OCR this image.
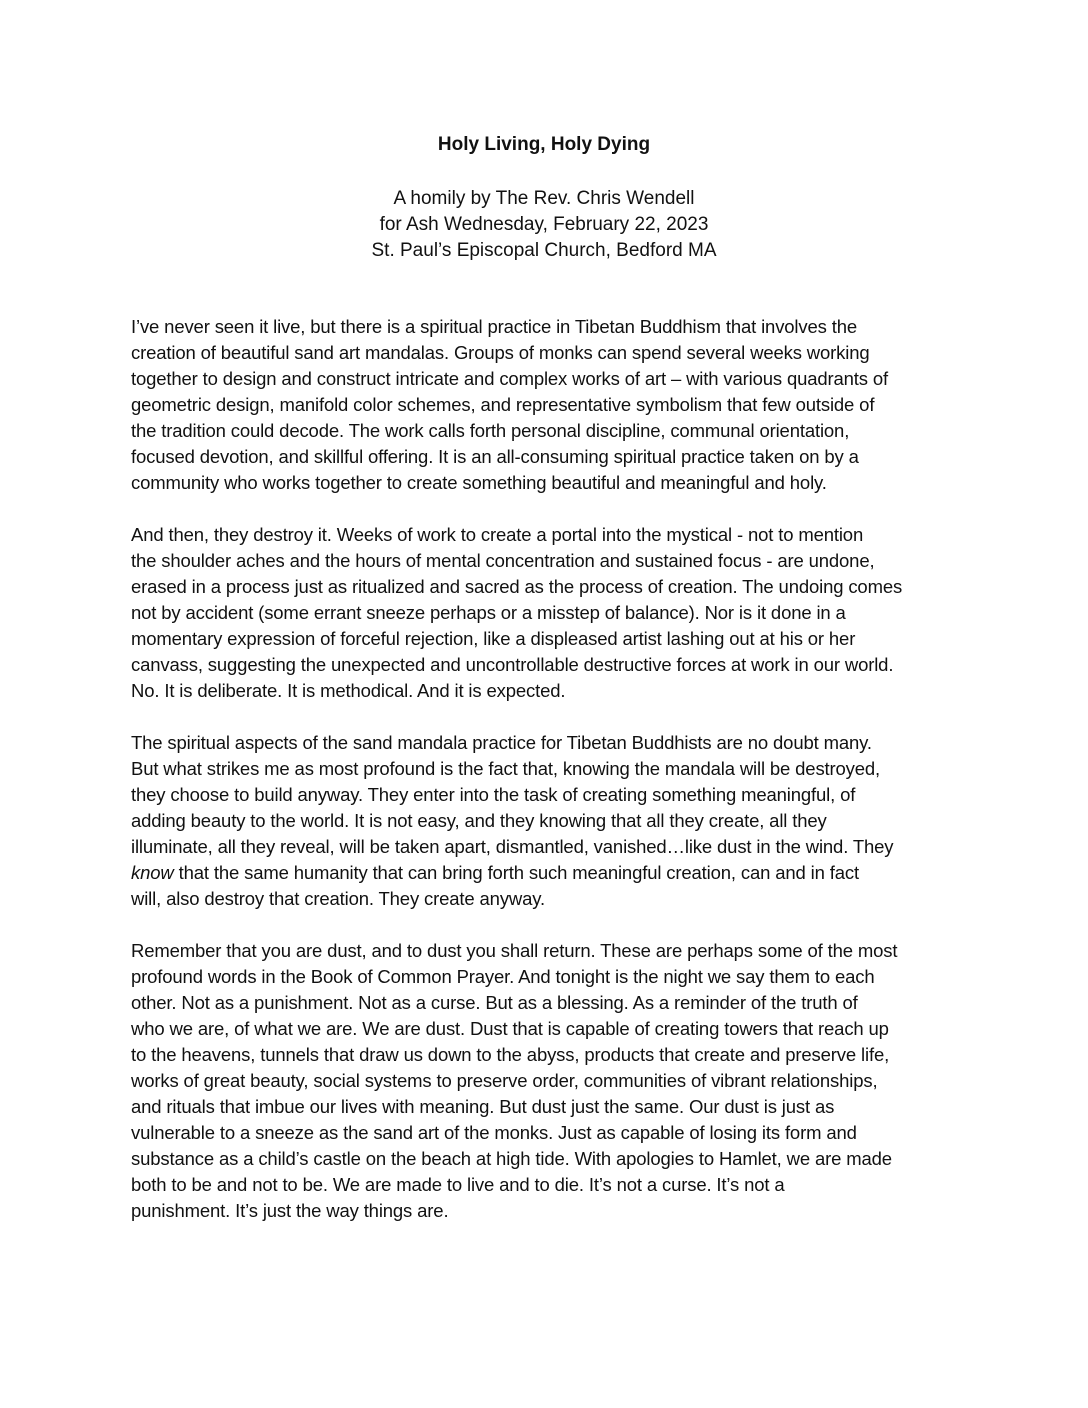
Holy Living, Holy Dying
A homily by The Rev. Chris Wendell
for Ash Wednesday, February 22, 2023
St. Paul’s Episcopal Church, Bedford MA
I’ve never seen it live, but there is a spiritual practice in Tibetan Buddhism that involves the
creation of beautiful sand art mandalas. Groups of monks can spend several weeks working
together to design and construct intricate and complex works of art – with various quadrants of
geometric design, manifold color schemes, and representative symbolism that few outside of
the tradition could decode. The work calls forth personal discipline, communal orientation,
focused devotion, and skillful offering. It is an all-consuming spiritual practice taken on by a
community who works together to create something beautiful and meaningful and holy.
And then, they destroy it. Weeks of work to create a portal into the mystical - not to mention
the shoulder aches and the hours of mental concentration and sustained focus - are undone,
erased in a process just as ritualized and sacred as the process of creation. The undoing comes
not by accident (some errant sneeze perhaps or a misstep of balance). Nor is it done in a
momentary expression of forceful rejection, like a displeased artist lashing out at his or her
canvass, suggesting the unexpected and uncontrollable destructive forces at work in our world.
No. It is deliberate. It is methodical. And it is expected.
The spiritual aspects of the sand mandala practice for Tibetan Buddhists are no doubt many.
But what strikes me as most profound is the fact that, knowing the mandala will be destroyed,
they choose to build anyway. They enter into the task of creating something meaningful, of
adding beauty to the world. It is not easy, and they knowing that all they create, all they
illuminate, all they reveal, will be taken apart, dismantled, vanished…like dust in the wind. They
know that the same humanity that can bring forth such meaningful creation, can and in fact
will, also destroy that creation. They create anyway.
Remember that you are dust, and to dust you shall return. These are perhaps some of the most
profound words in the Book of Common Prayer. And tonight is the night we say them to each
other. Not as a punishment. Not as a curse. But as a blessing. As a reminder of the truth of
who we are, of what we are. We are dust. Dust that is capable of creating towers that reach up
to the heavens, tunnels that draw us down to the abyss, products that create and preserve life,
works of great beauty, social systems to preserve order, communities of vibrant relationships,
and rituals that imbue our lives with meaning. But dust just the same. Our dust is just as
vulnerable to a sneeze as the sand art of the monks. Just as capable of losing its form and
substance as a child’s castle on the beach at high tide. With apologies to Hamlet, we are made
both to be and not to be. We are made to live and to die. It’s not a curse. It’s not a
punishment. It’s just the way things are.
